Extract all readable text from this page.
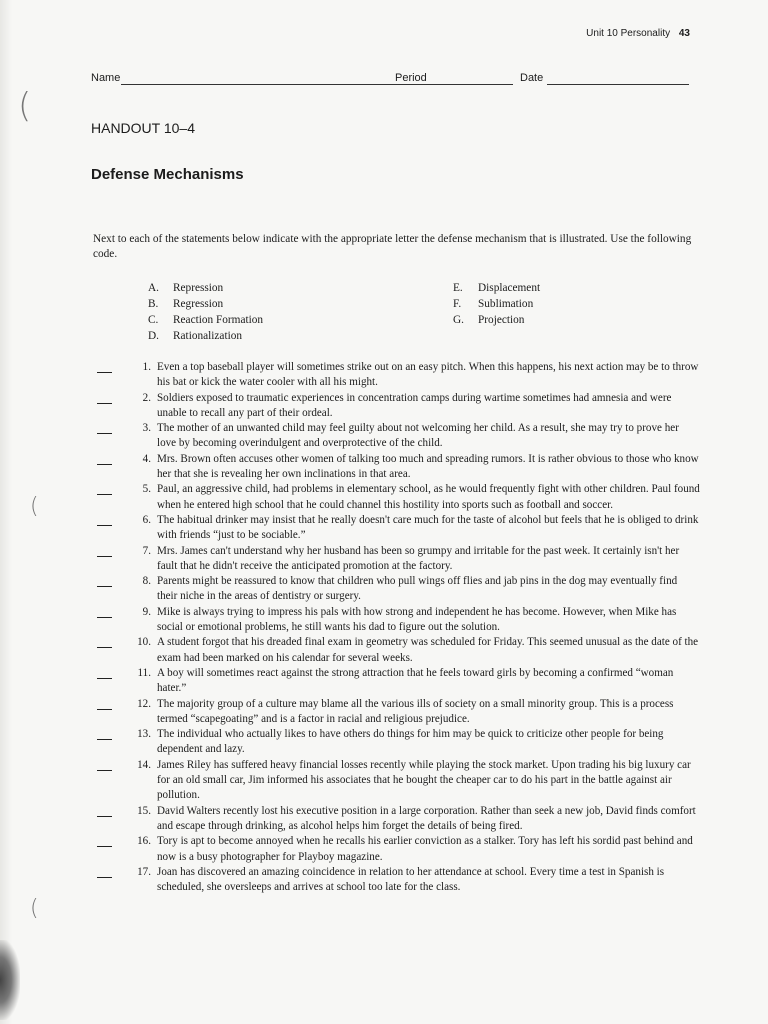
(
(
(
Unit 10 Personality 43
Name	Period	Date
HANDOUT 10–4
Defense Mechanisms
Next to each of the statements below indicate with the appropriate letter the defense mechanism that is illustrated. Use the following code.
A. Repression
B. Regression
C. Reaction Formation
D. Rationalization
E. Displacement
F. Sublimation
G. Projection
1. Even a top baseball player will sometimes strike out on an easy pitch. When this happens, his next action may be to throw his bat or kick the water cooler with all his might.
2. Soldiers exposed to traumatic experiences in concentration camps during wartime sometimes had amnesia and were unable to recall any part of their ordeal.
3. The mother of an unwanted child may feel guilty about not welcoming her child. As a result, she may try to prove her love by becoming overindulgent and overprotective of the child.
4. Mrs. Brown often accuses other women of talking too much and spreading rumors. It is rather obvious to those who know her that she is revealing her own inclinations in that area.
5. Paul, an aggressive child, had problems in elementary school, as he would frequently fight with other children. Paul found when he entered high school that he could channel this hostility into sports such as football and soccer.
6. The habitual drinker may insist that he really doesn't care much for the taste of alcohol but feels that he is obliged to drink with friends “just to be sociable.”
7. Mrs. James can't understand why her husband has been so grumpy and irritable for the past week. It certainly isn't her fault that he didn't receive the anticipated promotion at the factory.
8. Parents might be reassured to know that children who pull wings off flies and jab pins in the dog may eventually find their niche in the areas of dentistry or surgery.
9. Mike is always trying to impress his pals with how strong and independent he has become. However, when Mike has social or emotional problems, he still wants his dad to figure out the solution.
10. A student forgot that his dreaded final exam in geometry was scheduled for Friday. This seemed unusual as the date of the exam had been marked on his calendar for several weeks.
11. A boy will sometimes react against the strong attraction that he feels toward girls by becoming a confirmed “woman hater.”
12. The majority group of a culture may blame all the various ills of society on a small minority group. This is a process termed “scapegoating” and is a factor in racial and religious prejudice.
13. The individual who actually likes to have others do things for him may be quick to criticize other people for being dependent and lazy.
14. James Riley has suffered heavy financial losses recently while playing the stock market. Upon trading his big luxury car for an old small car, Jim informed his associates that he bought the cheaper car to do his part in the battle against air pollution.
15. David Walters recently lost his executive position in a large corporation. Rather than seek a new job, David finds comfort and escape through drinking, as alcohol helps him forget the details of being fired.
16. Tory is apt to become annoyed when he recalls his earlier conviction as a stalker. Tory has left his sordid past behind and now is a busy photographer for Playboy magazine.
17. Joan has discovered an amazing coincidence in relation to her attendance at school. Every time a test in Spanish is scheduled, she oversleeps and arrives at school too late for the class.
